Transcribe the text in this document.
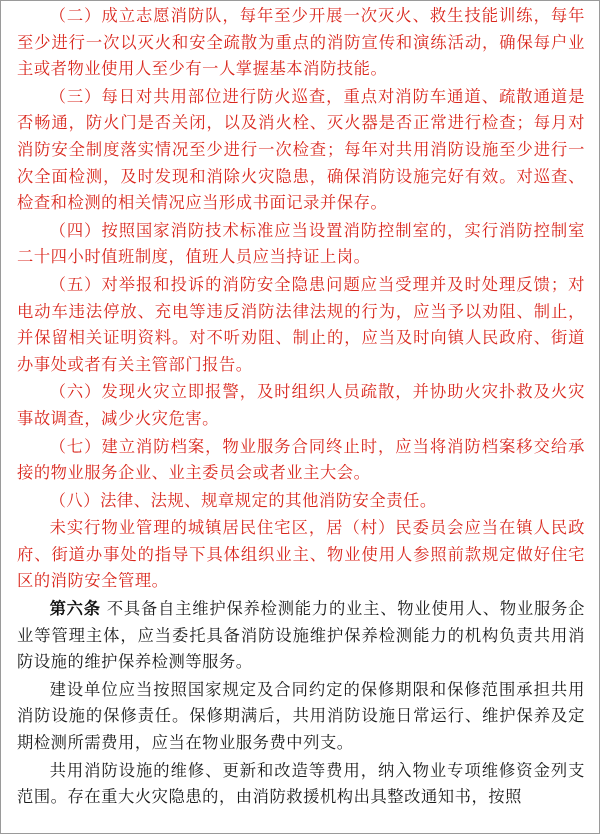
（二）成立志愿消防队，每年至少开展一次灭火、救生技能训练，每年至少进行一次以灭火和安全疏散为重点的消防宣传和演练活动，确保每户业主或者物业使用人至少有一人掌握基本消防技能。

（三）每日对共用部位进行防火巡查，重点对消防车通道、疏散通道是否畅通，防火门是否关闭，以及消火栓、灭火器是否正常进行检查；每月对消防安全制度落实情况至少进行一次检查；每年对共用消防设施至少进行一次全面检测，及时发现和消除火灾隐患，确保消防设施完好有效。对巡查、检查和检测的相关情况应当形成书面记录并保存。

（四）按照国家消防技术标准应当设置消防控制室的，实行消防控制室二十四小时值班制度，值班人员应当持证上岗。

（五）对举报和投诉的消防安全隐患问题应当受理并及时处理反馈；对电动车违法停放、充电等违反消防法律法规的行为，应当予以劝阻、制止，并保留相关证明资料。对不听劝阻、制止的，应当及时向镇人民政府、街道办事处或者有关主管部门报告。

（六）发现火灾立即报警，及时组织人员疏散，并协助火灾扑救及火灾事故调查，减少火灾危害。

（七）建立消防档案，物业服务合同终止时，应当将消防档案移交给承接的物业服务企业、业主委员会或者业主大会。

（八）法律、法规、规章规定的其他消防安全责任。

未实行物业管理的城镇居民住宅区，居（村）民委员会应当在镇人民政府、街道办事处的指导下具体组织业主、物业使用人参照前款规定做好住宅区的消防安全管理。

第六条 不具备自主维护保养检测能力的业主、物业使用人、物业服务企业等管理主体，应当委托具备消防设施维护保养检测能力的机构负责共用消防设施的维护保养检测等服务。

建设单位应当按照国家规定及合同约定的保修期限和保修范围承担共用消防设施的保修责任。保修期满后，共用消防设施日常运行、维护保养及定期检测所需费用，应当在物业服务费中列支。

共用消防设施的维修、更新和改造等费用，纳入物业专项维修资金列支范围。存在重大火灾隐患的，由消防救援机构出具整改通知书，按照
